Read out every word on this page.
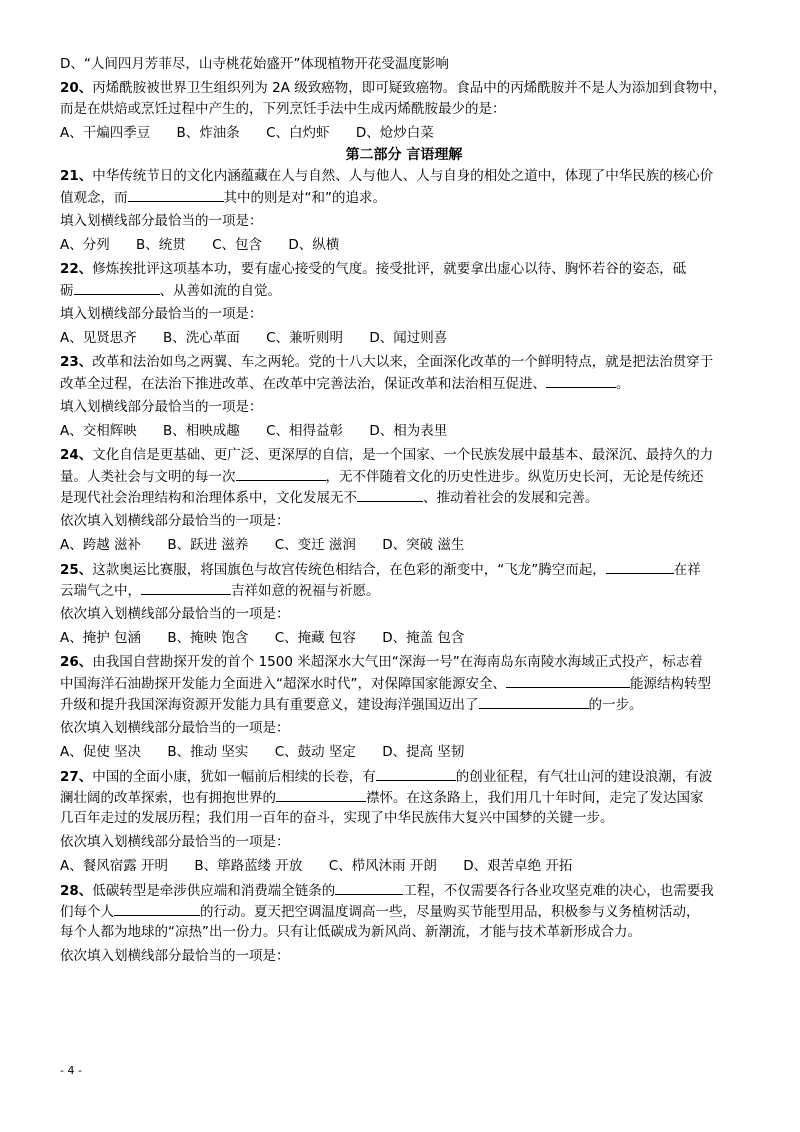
D、“人间四月芳菲尽，山寺桃花始盛开”体现植物开花受温度影响
20、丙烯酰胺被世界卫生组织列为 2A 级致癌物，即可疑致癌物。食品中的丙烯酰胺并不是人为添加到食物中，
而是在烘焙或烹饪过程中产生的，下列烹饪手法中生成丙烯酰胺最少的是：
A、干煸四季豆 B、炸油条 C、白灼虾 D、炝炒白菜
第二部分 言语理解
21、中华传统节日的文化内涵蕴藏在人与自然、人与他人、人与自身的相处之道中，体现了中华民族的核心价
值观念，而	其中的则是对“和”的追求。
填入划横线部分最恰当的一项是：
A、分列 B、统贯 C、包含 D、纵横
22、修炼挨批评这项基本功，要有虚心接受的气度。接受批评，就要拿出虚心以待、胸怀若谷的姿态，砥
砺	、从善如流的自觉。
填入划横线部分最恰当的一项是：
A、见贤思齐 B、洗心革面 C、兼听则明 D、闻过则喜
23、改革和法治如鸟之两翼、车之两轮。党的十八大以来，全面深化改革的一个鲜明特点，就是把法治贯穿于
改革全过程，在法治下推进改革、在改革中完善法治，保证改革和法治相互促进、	。
填入划横线部分最恰当的一项是：
A、交相辉映 B、相映成趣 C、相得益彰 D、相为表里
24、文化自信是更基础、更广泛、更深厚的自信，是一个国家、一个民族发展中最基本、最深沉、最持久的力
量。人类社会与文明的每一次	，无不伴随着文化的历史性进步。纵览历史长河，无论是传统还
是现代社会治理结构和治理体系中，文化发展无不	、推动着社会的发展和完善。
依次填入划横线部分最恰当的一项是：
A、跨越 滋补 B、跃进 滋养 C、变迁 滋润 D、突破 滋生
25、这款奥运比赛服，将国旗色与故宫传统色相结合，在色彩的渐变中，“飞龙”腾空而起，	在祥
云瑞气之中，	吉祥如意的祝福与祈愿。
依次填入划横线部分最恰当的一项是：
A、掩护 包涵 B、掩映 饱含 C、掩藏 包容 D、掩盖 包含
26、由我国自营勘探开发的首个 1500 米超深水大气田“深海一号”在海南岛东南陵水海域正式投产，标志着
中国海洋石油勘探开发能力全面进入“超深水时代”，对保障国家能源安全、	能源结构转型
升级和提升我国深海资源开发能力具有重要意义，建设海洋强国迈出了	的一步。
依次填入划横线部分最恰当的一项是：
A、促使 坚决 B、推动 坚实 C、鼓动 坚定 D、提高 坚韧
27、中国的全面小康，犹如一幅前后相续的长卷，有	的创业征程，有气壮山河的建设浪潮，有波
澜壮阔的改革探索，也有拥抱世界的	襟怀。在这条路上，我们用几十年时间，走完了发达国家
几百年走过的发展历程；我们用一百年的奋斗，实现了中华民族伟大复兴中国梦的关键一步。
依次填入划横线部分最恰当的一项是：
A、餐风宿露 开明 B、筚路蓝缕 开放 C、栉风沐雨 开朗 D、艰苦卓绝 开拓
28、低碳转型是牵涉供应端和消费端全链条的	工程，不仅需要各行各业攻坚克难的决心，也需要我
们每个人	的行动。夏天把空调温度调高一些，尽量购买节能型用品，积极参与义务植树活动，
每个人都为地球的“凉热”出一份力。只有让低碳成为新风尚、新潮流，才能与技术革新形成合力。
依次填入划横线部分最恰当的一项是：
- 4 -
